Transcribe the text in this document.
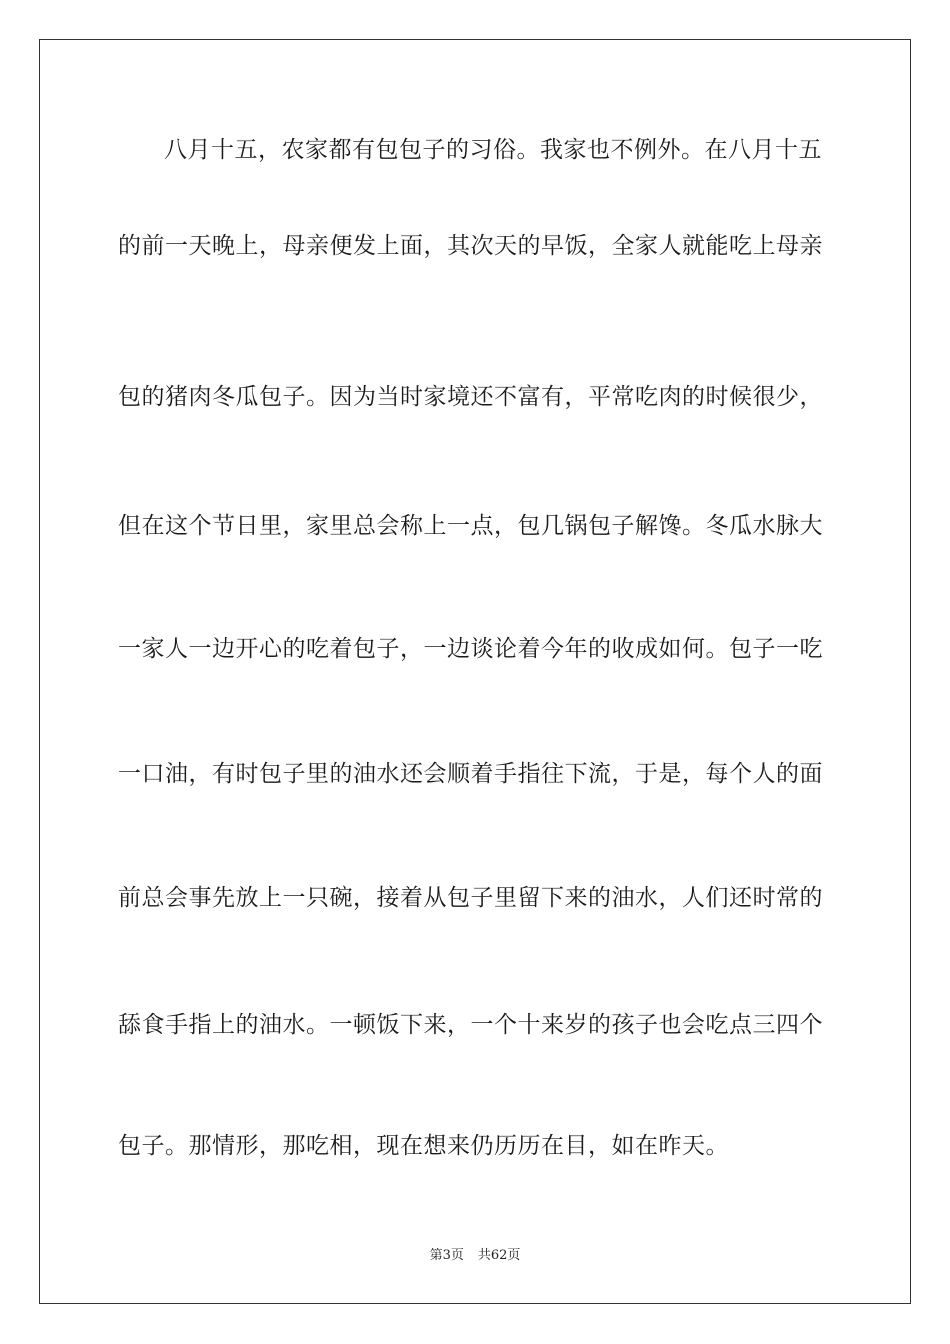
八月十五，农家都有包包子的习俗。我家也不例外。在八月十五
的前一天晚上，母亲便发上面，其次天的早饭，全家人就能吃上母亲
包的猪肉冬瓜包子。因为当时家境还不富有，平常吃肉的时候很少，
但在这个节日里，家里总会称上一点，包几锅包子解馋。冬瓜水脉大
一家人一边开心的吃着包子，一边谈论着今年的收成如何。包子一吃
一口油，有时包子里的油水还会顺着手指往下流，于是，每个人的面
前总会事先放上一只碗，接着从包子里留下来的油水，人们还时常的
舔食手指上的油水。一顿饭下来，一个十来岁的孩子也会吃点三四个
包子。那情形，那吃相，现在想来仍历历在目，如在昨天。
第3页 共62页
